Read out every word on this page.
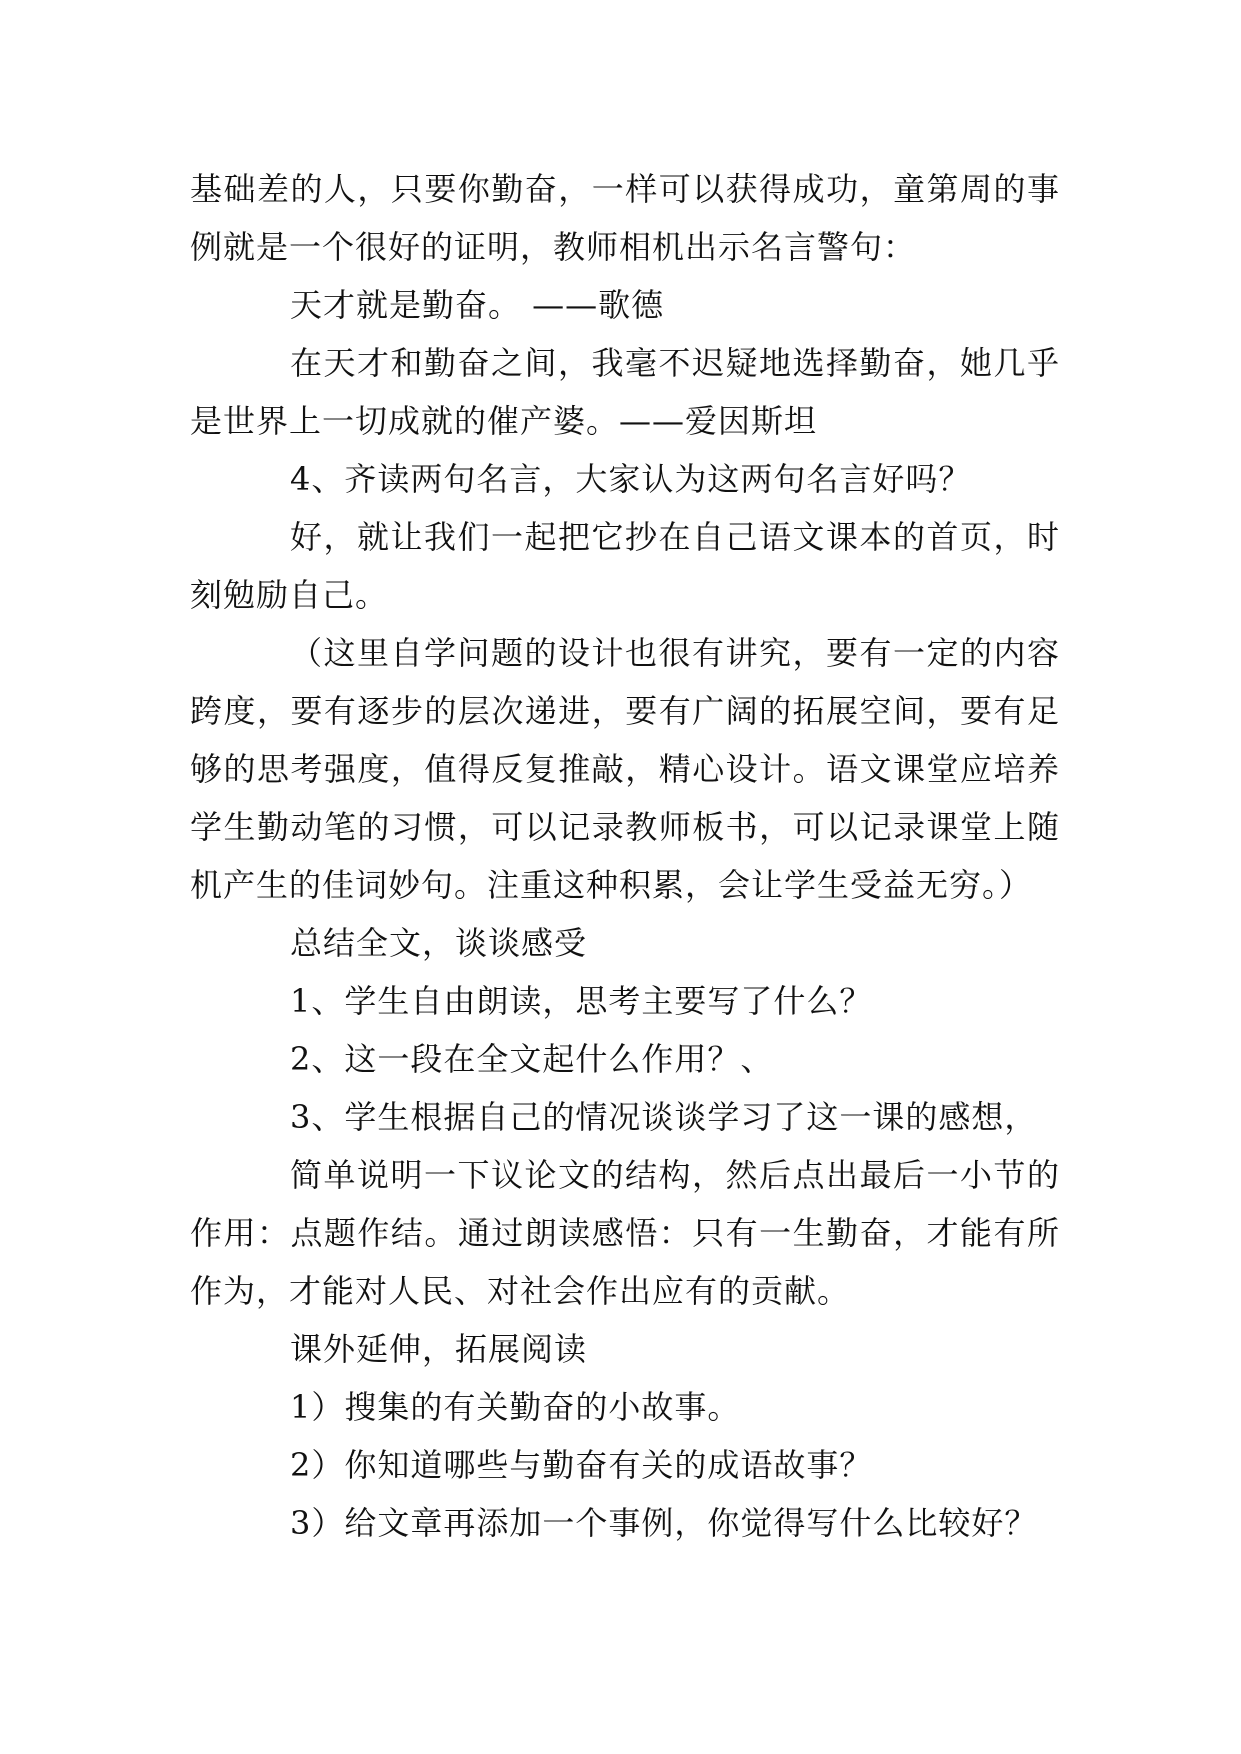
基础差的人，只要你勤奋，一样可以获得成功，童第周的事例就是一个很好的证明，教师相机出示名言警句：

天才就是勤奋。 ——歌德

在天才和勤奋之间，我毫不迟疑地选择勤奋，她几乎是世界上一切成就的催产婆。——爱因斯坦

4、齐读两句名言，大家认为这两句名言好吗？

好，就让我们一起把它抄在自己语文课本的首页，时刻勉励自己。

（这里自学问题的设计也很有讲究，要有一定的内容跨度，要有逐步的层次递进，要有广阔的拓展空间，要有足够的思考强度，值得反复推敲，精心设计。语文课堂应培养学生勤动笔的习惯，可以记录教师板书，可以记录课堂上随机产生的佳词妙句。注重这种积累，会让学生受益无穷。）

总结全文，谈谈感受

1、学生自由朗读，思考主要写了什么？

2、这一段在全文起什么作用？、

3、学生根据自己的情况谈谈学习了这一课的感想，

简单说明一下议论文的结构，然后点出最后一小节的作用：点题作结。通过朗读感悟：只有一生勤奋，才能有所作为，才能对人民、对社会作出应有的贡献。

课外延伸，拓展阅读

1）搜集的有关勤奋的小故事。

2）你知道哪些与勤奋有关的成语故事？

3）给文章再添加一个事例，你觉得写什么比较好？
